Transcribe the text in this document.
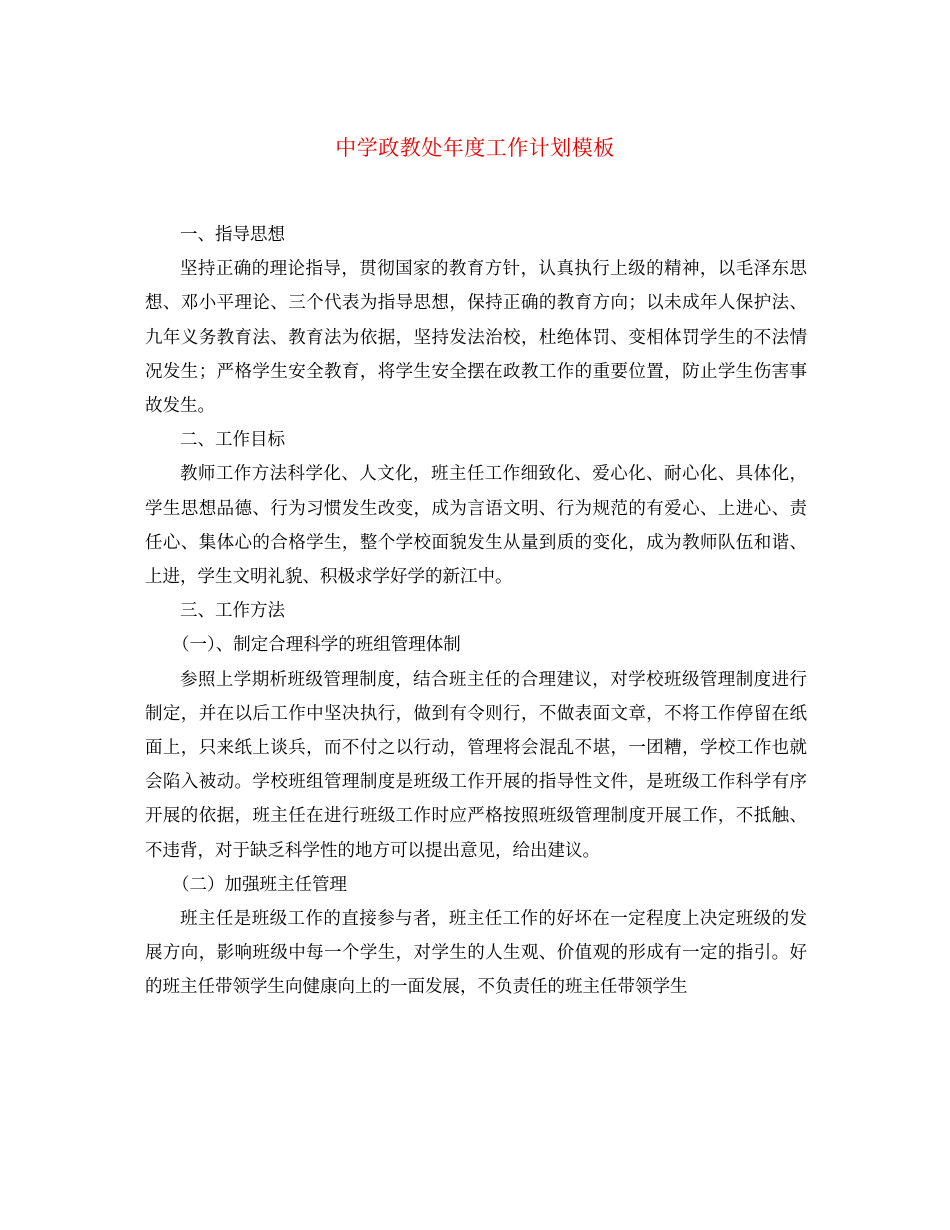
中学政教处年度工作计划模板

一、指导思想

坚持正确的理论指导，贯彻国家的教育方针，认真执行上级的精神，以毛泽东思想、邓小平理论、三个代表为指导思想，保持正确的教育方向；以未成年人保护法、九年义务教育法、教育法为依据，坚持发法治校，杜绝体罚、变相体罚学生的不法情况发生；严格学生安全教育，将学生安全摆在政教工作的重要位置，防止学生伤害事故发生。

二、工作目标

教师工作方法科学化、人文化，班主任工作细致化、爱心化、耐心化、具体化，学生思想品德、行为习惯发生改变，成为言语文明、行为规范的有爱心、上进心、责任心、集体心的合格学生，整个学校面貌发生从量到质的变化，成为教师队伍和谐、上进，学生文明礼貌、积极求学好学的新江中。

三、工作方法

（一）、制定合理科学的班组管理体制

参照上学期析班级管理制度，结合班主任的合理建议，对学校班级管理制度进行制定，并在以后工作中坚决执行，做到有令则行，不做表面文章，不将工作停留在纸面上，只来纸上谈兵，而不付之以行动，管理将会混乱不堪，一团糟，学校工作也就会陷入被动。学校班组管理制度是班级工作开展的指导性文件，是班级工作科学有序开展的依据，班主任在进行班级工作时应严格按照班级管理制度开展工作，不抵触、不违背，对于缺乏科学性的地方可以提出意见，给出建议。

（二）加强班主任管理

班主任是班级工作的直接参与者，班主任工作的好坏在一定程度上决定班级的发展方向，影响班级中每一个学生，对学生的人生观、价值观的形成有一定的指引。好的班主任带领学生向健康向上的一面发展，不负责任的班主任带领学生
